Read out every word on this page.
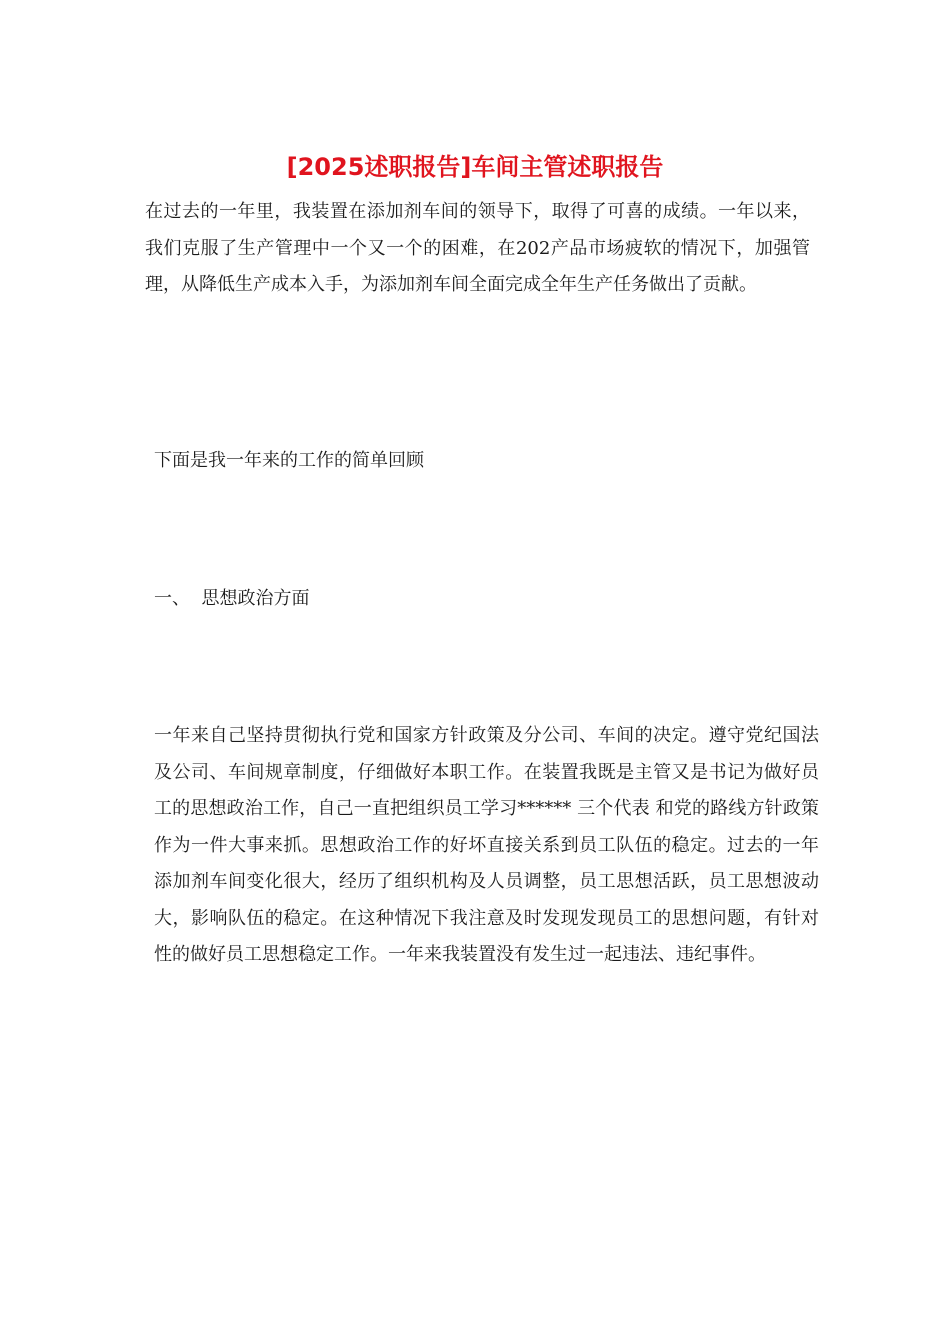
[2025述职报告]车间主管述职报告

在过去的一年里，我装置在添加剂车间的领导下，取得了可喜的成绩。一年以来，我们克服了生产管理中一个又一个的困难，在202产品市场疲软的情况下，加强管理，从降低生产成本入手，为添加剂车间全面完成全年生产任务做出了贡献。

下面是我一年来的工作的简单回顾

一、  思想政治方面

一年来自己坚持贯彻执行党和国家方针政策及分公司、车间的决定。遵守党纪国法及公司、车间规章制度，仔细做好本职工作。在装置我既是主管又是书记为做好员工的思想政治工作，自己一直把组织员工学习****** 三个代表 和党的路线方针政策作为一件大事来抓。思想政治工作的好坏直接关系到员工队伍的稳定。过去的一年添加剂车间变化很大，经历了组织机构及人员调整，员工思想活跃，员工思想波动大，影响队伍的稳定。在这种情况下我注意及时发现发现员工的思想问题，有针对性的做好员工思想稳定工作。一年来我装置没有发生过一起违法、违纪事件。
